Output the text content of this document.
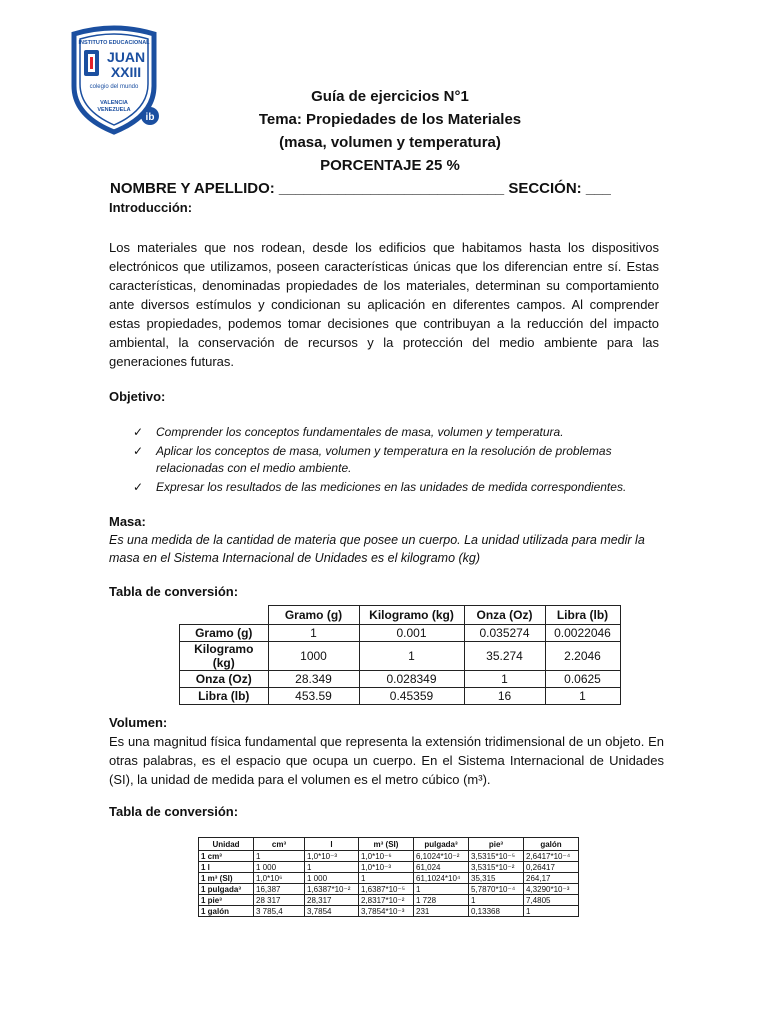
INSTITUTO EDUCACIONAL
JUAN
XXIII
colegio del mundo
VALENCIA
VENEZUELA
ib
Guía de ejercicios N°1
Tema: Propiedades de los Materiales
(masa, volumen y temperatura)
PORCENTAJE 25 %
NOMBRE Y APELLIDO: ___________________________ SECCIÓN: ___
Introducción:

Los materiales que nos rodean, desde los edificios que habitamos hasta los dispositivos electrónicos que utilizamos, poseen características únicas que los diferencian entre sí. Estas características, denominadas propiedades de los materiales, determinan su comportamiento ante diversos estímulos y condicionan su aplicación en diferentes campos. Al comprender estas propiedades, podemos tomar decisiones que contribuyan a la reducción del impacto ambiental, la conservación de recursos y la protección del medio ambiente para las generaciones futuras.

Objetivo:
✓ Comprender los conceptos fundamentales de masa, volumen y temperatura.
✓ Aplicar los conceptos de masa, volumen y temperatura en la resolución de problemas relacionadas con el medio ambiente.
✓ Expresar los resultados de las mediciones en las unidades de medida correspondientes.
Masa:
Es una medida de la cantidad de materia que posee un cuerpo. La unidad utilizada para medir la masa en el Sistema Internacional de Unidades es el kilogramo (kg)
Tabla de conversión:
	Gramo (g)	Kilogramo (kg)	Onza (Oz)	Libra (lb)
Gramo (g)	1	0.001	0.035274	0.0022046
Kilogramo (kg)	1000	1	35.274	2.2046
Onza (Oz)	28.349	0.028349	1	0.0625
Libra (lb)	453.59	0.45359	16	1
Volumen:

Es una magnitud física fundamental que representa la extensión tridimensional de un objeto. En otras palabras, es el espacio que ocupa un cuerpo. En el Sistema Internacional de Unidades (SI), la unidad de medida para el volumen es el metro cúbico (m³).

Tabla de conversión:
Unidad	cm³	l	m³ (SI)	pulgada³	pie³	galón
1 cm³	1	1,0*10⁻³	1,0*10⁻⁶	6,1024*10⁻²	3,5315*10⁻⁵	2,6417*10⁻⁴
1 l	1 000	1	1,0*10⁻³	61,024	3,5315*10⁻²	0,26417
1 m³ (SI)	1,0*10⁶	1 000	1	61,1024*10⁴	35,315	264,17
1 pulgada³	16,387	1,6387*10⁻²	1,6387*10⁻⁵	1	5,7870*10⁻⁴	4,3290*10⁻³
1 pie³	28 317	28,317	2,8317*10⁻²	1 728	1	7,4805
1 galón	3 785,4	3,7854	3,7854*10⁻³	231	0,13368	1
